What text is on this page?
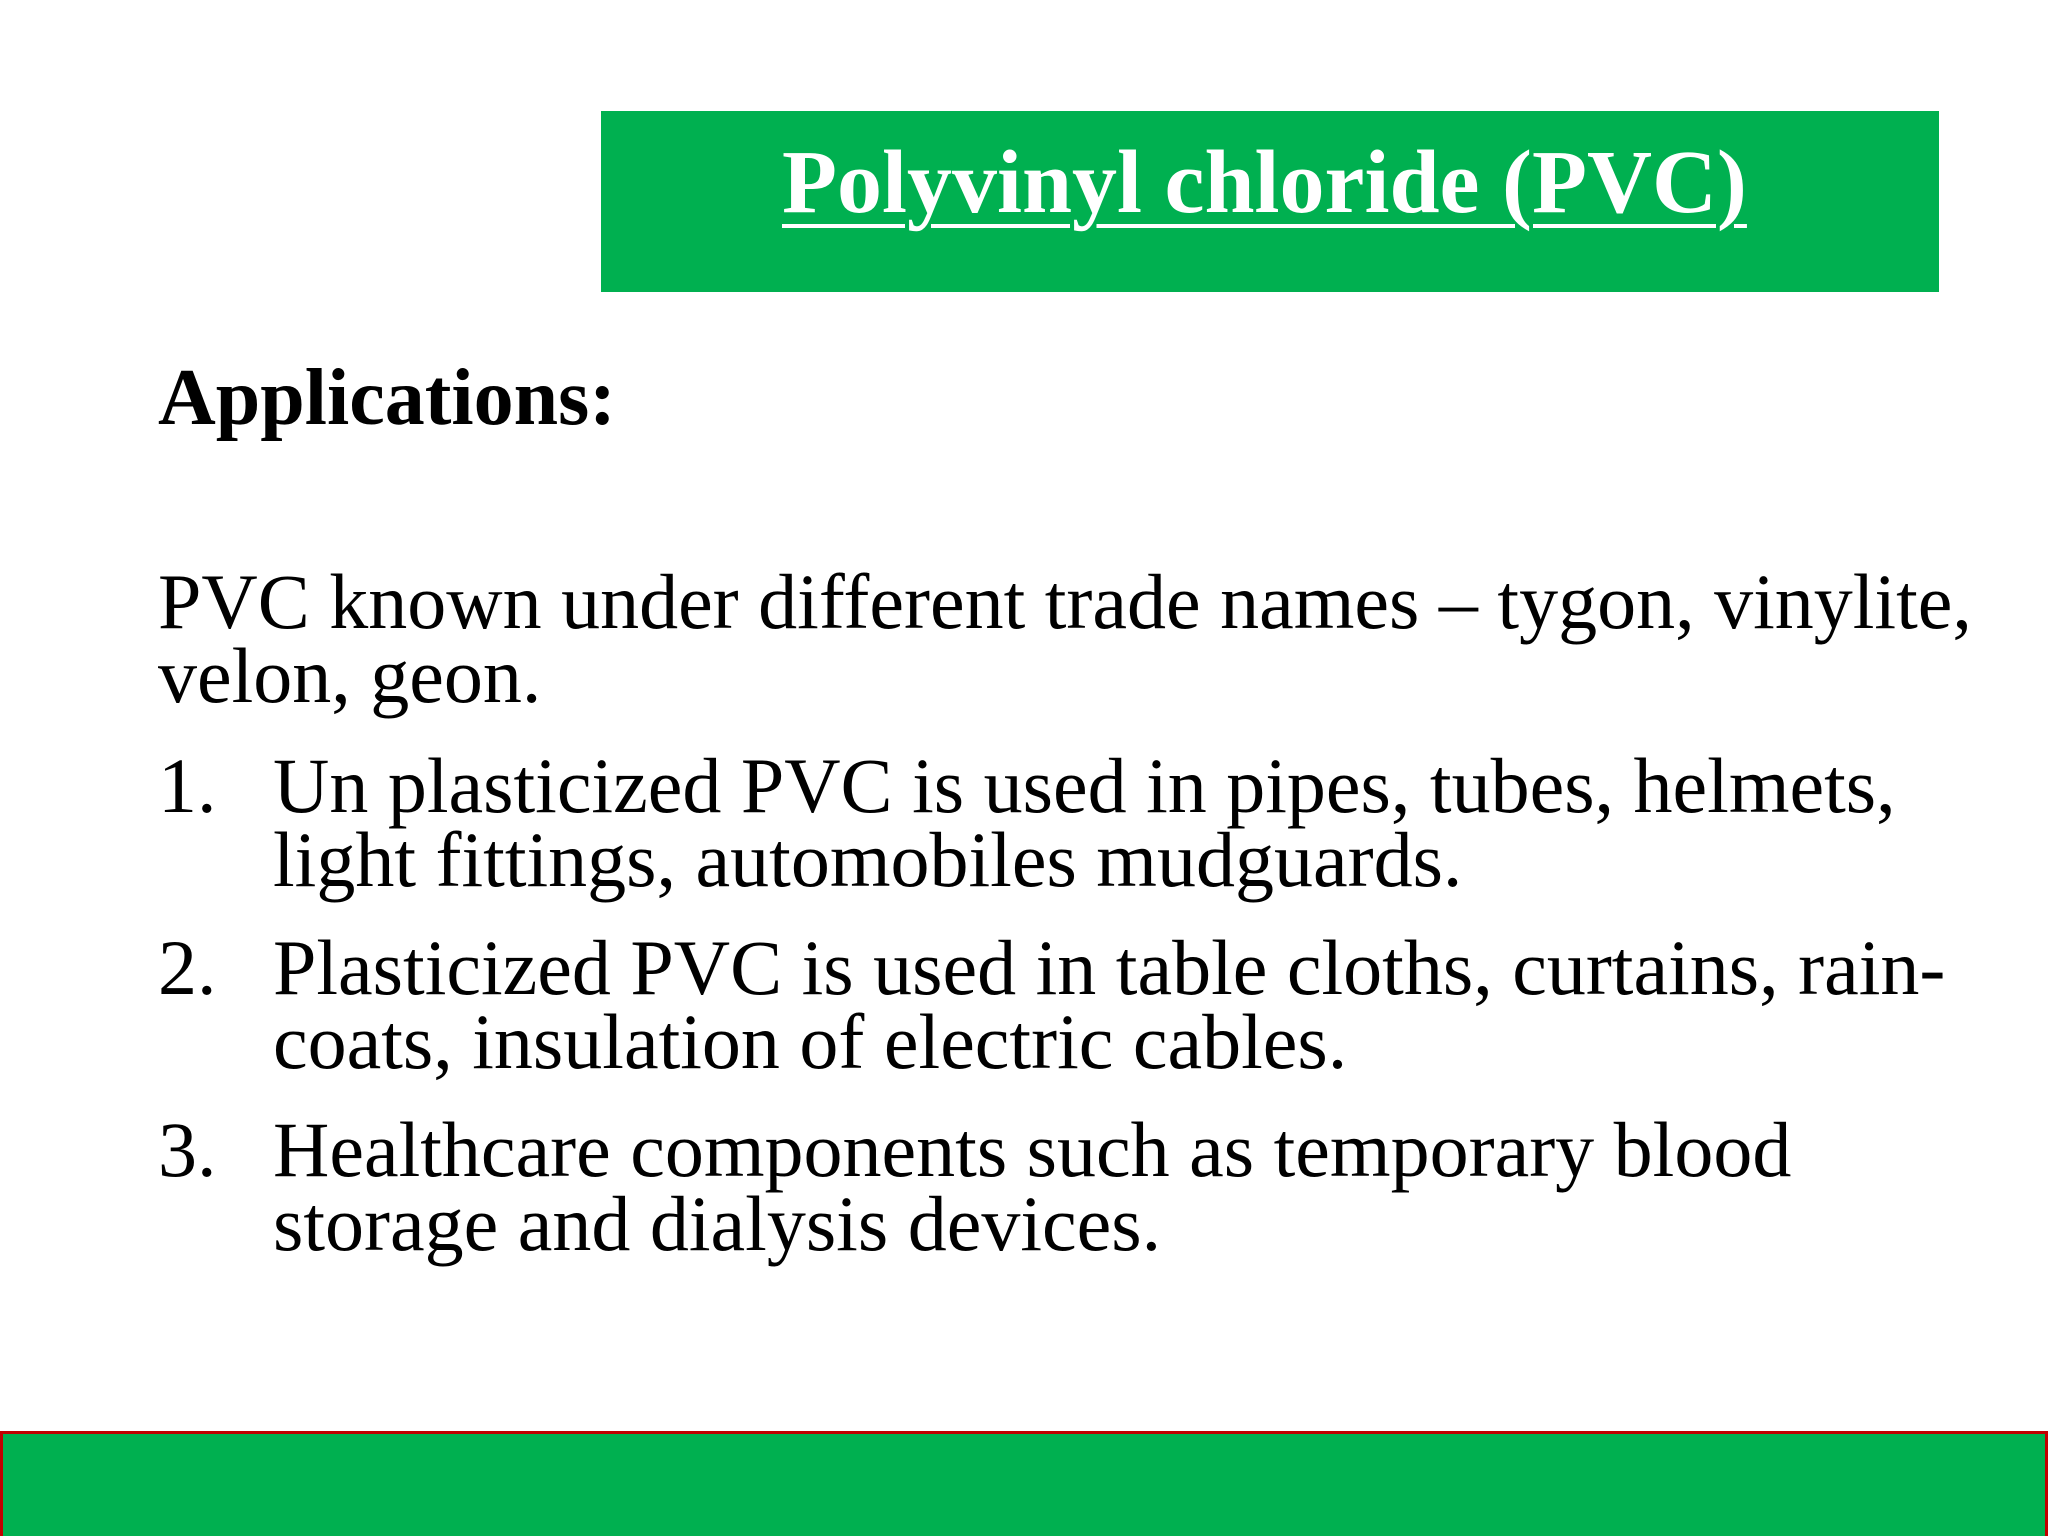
Polyvinyl chloride (PVC)
Applications:
PVC known under different trade names – tygon, vinylite, velon, geon.
1. Un plasticized PVC is used in pipes, tubes, helmets, light fittings, automobiles mudguards.
2. Plasticized PVC is used in table cloths, curtains, rain-coats, insulation of electric cables.
3. Healthcare components such as temporary blood storage and dialysis devices.
